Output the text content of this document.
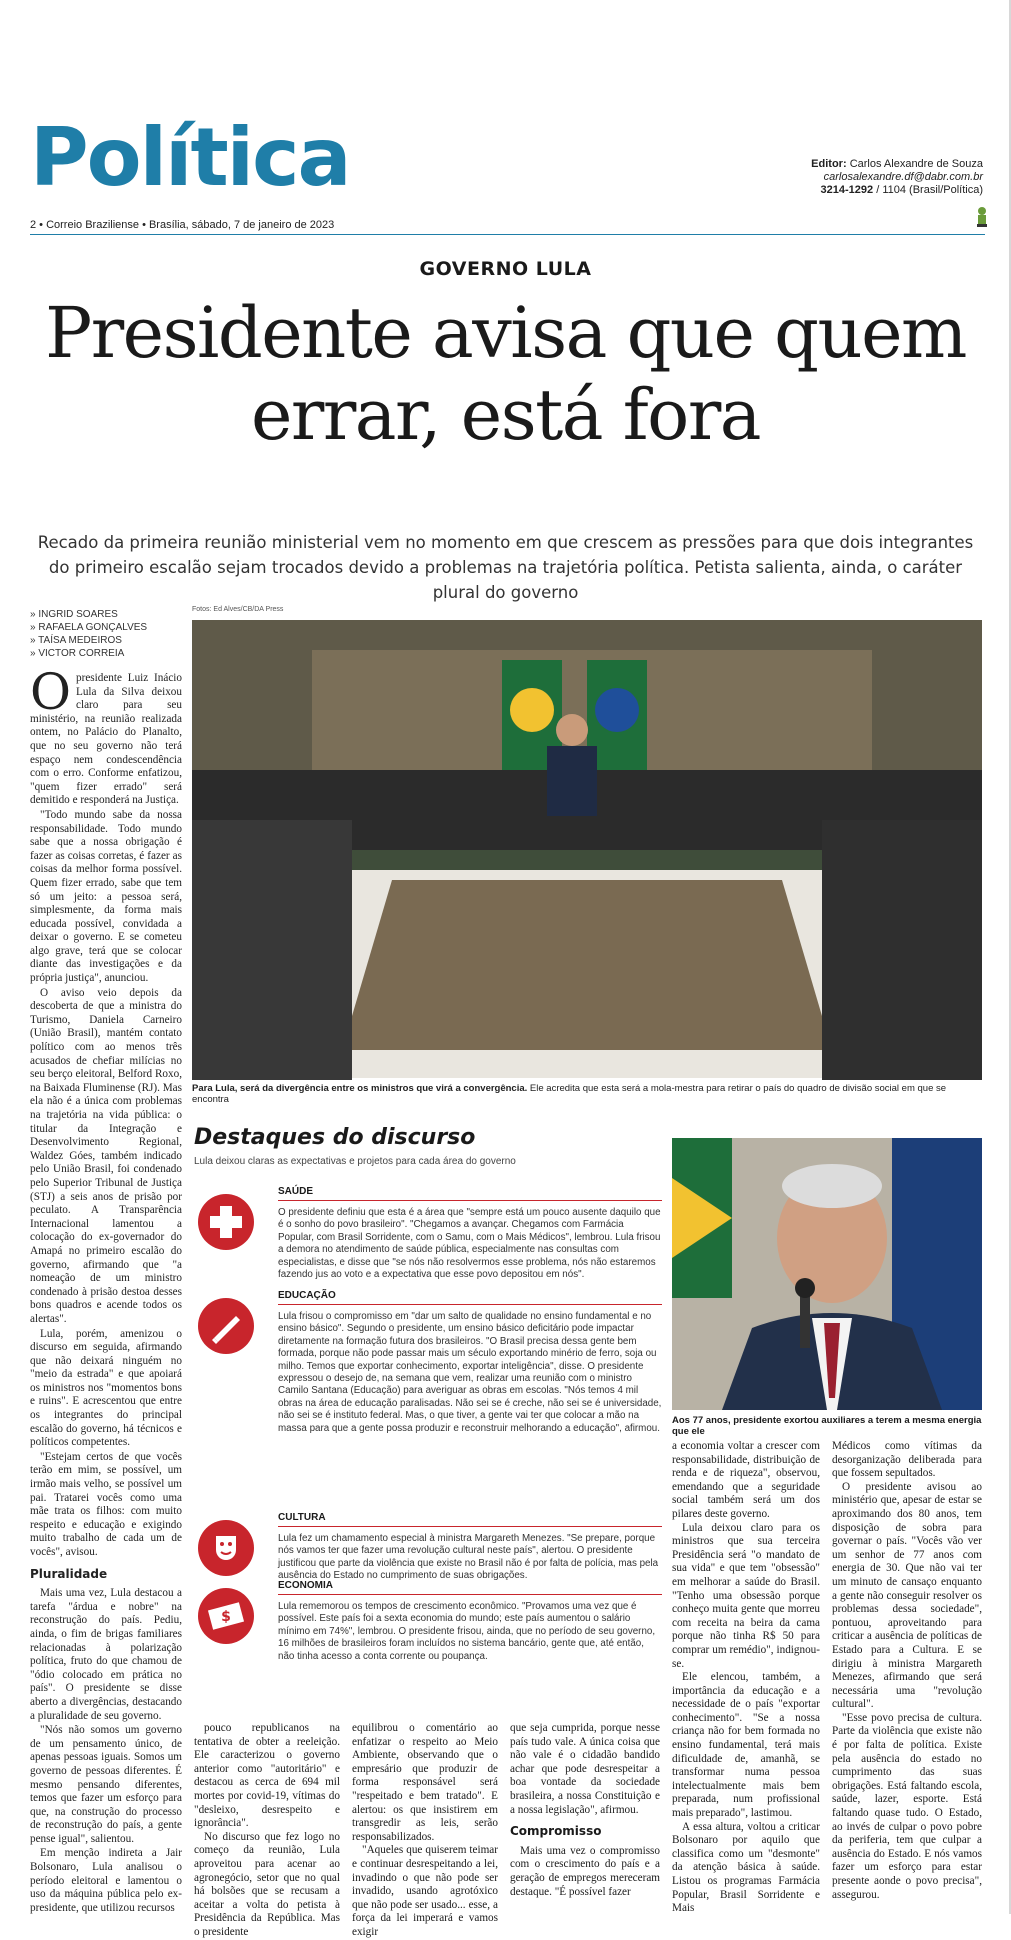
Política	Editor: Carlos Alexandre de Souza
carlosalexandre.df@dabr.com.br
3214-1292 / 1104 (Brasil/Política)
2 • Correio Braziliense • Brasília, sábado, 7 de janeiro de 2023
GOVERNO LULA
Presidente avisa que quem errar, está fora
Recado da primeira reunião ministerial vem no momento em que crescem as pressões para que dois integrantes do primeiro escalão sejam trocados devido a problemas na trajetória política. Petista salienta, ainda, o caráter plural do governo
» INGRID SOARES
» RAFAELA GONÇALVES
» TAÍSA MEDEIROS
» VICTOR CORREIA

Opresidente Luiz Inácio Lula da Silva deixou claro para seu ministério, na reunião realizada ontem, no Palácio do Planalto, que no seu governo não terá espaço nem condescendência com o erro. Conforme enfatizou, "quem fizer errado" será demitido e responderá na Justiça.

"Todo mundo sabe da nossa responsabilidade. Todo mundo sabe que a nossa obrigação é fazer as coisas corretas, é fazer as coisas da melhor forma possível. Quem fizer errado, sabe que tem só um jeito: a pessoa será, simplesmente, da forma mais educada possível, convidada a deixar o governo. E se cometeu algo grave, terá que se colocar diante das investigações e da própria justiça", anunciou.

O aviso veio depois da descoberta de que a ministra do Turismo, Daniela Carneiro (União Brasil), mantém contato político com ao menos três acusados de chefiar milícias no seu berço eleitoral, Belford Roxo, na Baixada Fluminense (RJ). Mas ela não é a única com problemas na trajetória na vida pública: o titular da Integração e Desenvolvimento Regional, Waldez Góes, também indicado pelo União Brasil, foi condenado pelo Superior Tribunal de Justiça (STJ) a seis anos de prisão por peculato. A Transparência Internacional lamentou a colocação do ex-governador do Amapá no primeiro escalão do governo, afirmando que "a nomeação de um ministro condenado à prisão destoa desses bons quadros e acende todos os alertas".

Lula, porém, amenizou o discurso em seguida, afirmando que não deixará ninguém no "meio da estrada" e que apoiará os ministros nos "momentos bons e ruins". E acrescentou que entre os integrantes do principal escalão do governo, há técnicos e políticos competentes.

"Estejam certos de que vocês terão em mim, se possível, um irmão mais velho, se possível um pai. Tratarei vocês como uma mãe trata os filhos: com muito respeito e educação e exigindo muito trabalho de cada um de vocês", avisou.

Pluralidade

Mais uma vez, Lula destacou a tarefa "árdua e nobre" na reconstrução do país. Pediu, ainda, o fim de brigas familiares relacionadas à polarização política, fruto do que chamou de "ódio colocado em prática no país". O presidente se disse aberto a divergências, destacando a pluralidade de seu governo.

"Nós não somos um governo de um pensamento único, de apenas pessoas iguais. Somos um governo de pessoas diferentes. É mesmo pensando diferentes, temos que fazer um esforço para que, na construção do processo de reconstrução do país, a gente pense igual", salientou.

Em menção indireta a Jair Bolsonaro, Lula analisou o período eleitoral e lamentou o uso da máquina pública pelo ex-presidente, que utilizou recursos

Fotos: Ed Alves/CB/DA Press
Para Lula, será da divergência entre os ministros que virá a convergência. Ele acredita que esta será a mola-mestra para retirar o país do quadro de divisão social em que se encontra
Destaques do discurso
Lula deixou claras as expectativas e projetos para cada área do governo
SAÚDE
O presidente definiu que esta é a área que "sempre está um pouco ausente daquilo que é o sonho do povo brasileiro". "Chegamos a avançar. Chegamos com Farmácia Popular, com Brasil Sorridente, com o Samu, com o Mais Médicos", lembrou. Lula frisou a demora no atendimento de saúde pública, especialmente nas consultas com especialistas, e disse que "se nós não resolvermos esse problema, nós não estaremos fazendo jus ao voto e a expectativa que esse povo depositou em nós".
EDUCAÇÃO
Lula frisou o compromisso em "dar um salto de qualidade no ensino fundamental e no ensino básico". Segundo o presidente, um ensino básico deficitário pode impactar diretamente na formação futura dos brasileiros. "O Brasil precisa dessa gente bem formada, porque não pode passar mais um século exportando minério de ferro, soja ou milho. Temos que exportar conhecimento, exportar inteligência", disse. O presidente expressou o desejo de, na semana que vem, realizar uma reunião com o ministro Camilo Santana (Educação) para averiguar as obras em escolas. "Nós temos 4 mil obras na área de educação paralisadas. Não sei se é creche, não sei se é universidade, não sei se é instituto federal. Mas, o que tiver, a gente vai ter que colocar a mão na massa para que a gente possa produzir e reconstruir melhorando a educação", afirmou.
CULTURA
Lula fez um chamamento especial à ministra Margareth Menezes. "Se prepare, porque nós vamos ter que fazer uma revolução cultural neste país", alertou. O presidente justificou que parte da violência que existe no Brasil não é por falta de polícia, mas pela ausência do Estado no cumprimento de suas obrigações.
$
ECONOMIA
Lula rememorou os tempos de crescimento econômico. "Provamos uma vez que é possível. Este país foi a sexta economia do mundo; este país aumentou o salário mínimo em 74%", lembrou. O presidente frisou, ainda, que no período de seu governo, 16 milhões de brasileiros foram incluídos no sistema bancário, gente que, até então, não tinha acesso a conta corrente ou poupança.
Aos 77 anos, presidente exortou auxiliares a terem a mesma energia que ele

pouco republicanos na tentativa de obter a reeleição. Ele caracterizou o governo anterior como "autoritário" e destacou as cerca de 694 mil mortes por covid-19, vítimas do "desleixo, desrespeito e ignorância".

No discurso que fez logo no começo da reunião, Lula aproveitou para acenar ao agronegócio, setor que no qual há bolsões que se recusam a aceitar a volta do petista à Presidência da República. Mas o presidente

equilibrou o comentário ao enfatizar o respeito ao Meio Ambiente, observando que o empresário que produzir de forma responsável será "respeitado e bem tratado". E alertou: os que insistirem em transgredir as leis, serão responsabilizados.

"Aqueles que quiserem teimar e continuar desrespeitando a lei, invadindo o que não pode ser invadido, usando agrotóxico que não pode ser usado... esse, a força da lei imperará e vamos exigir

que seja cumprida, porque nesse país tudo vale. A única coisa que não vale é o cidadão bandido achar que pode desrespeitar a boa vontade da sociedade brasileira, a nossa Constituição e a nossa legislação", afirmou.

Compromisso

Mais uma vez o compromisso com o crescimento do país e a geração de empregos mereceram destaque. "É possível fazer

a economia voltar a crescer com responsabilidade, distribuição de renda e de riqueza", observou, emendando que a seguridade social também será um dos pilares deste governo.

Lula deixou claro para os ministros que sua terceira Presidência será "o mandato de sua vida" e que tem "obsessão" em melhorar a saúde do Brasil. "Tenho uma obsessão porque conheço muita gente que morreu com receita na beira da cama porque não tinha R$ 50 para comprar um remédio", indignou-se.

Ele elencou, também, a importância da educação e a necessidade de o país "exportar conhecimento". "Se a nossa criança não for bem formada no ensino fundamental, terá mais dificuldade de, amanhã, se transformar numa pessoa intelectualmente mais bem preparada, num profissional mais preparado", lastimou.

A essa altura, voltou a criticar Bolsonaro por aquilo que classifica como um "desmonte" da atenção básica à saúde. Listou os programas Farmácia Popular, Brasil Sorridente e Mais

Médicos como vítimas da desorganização deliberada para que fossem sepultados.

O presidente avisou ao ministério que, apesar de estar se aproximando dos 80 anos, tem disposição de sobra para governar o país. "Vocês vão ver um senhor de 77 anos com energia de 30. Que não vai ter um minuto de cansaço enquanto a gente não conseguir resolver os problemas dessa sociedade", pontuou, aproveitando para criticar a ausência de políticas de Estado para a Cultura. E se dirigiu à ministra Margareth Menezes, afirmando que será necessária uma "revolução cultural".

"Esse povo precisa de cultura. Parte da violência que existe não é por falta de política. Existe pela ausência do estado no cumprimento das suas obrigações. Está faltando escola, saúde, lazer, esporte. Está faltando quase tudo. O Estado, ao invés de culpar o povo pobre da periferia, tem que culpar a ausência do Estado. E nós vamos fazer um esforço para estar presente aonde o povo precisa", assegurou.
